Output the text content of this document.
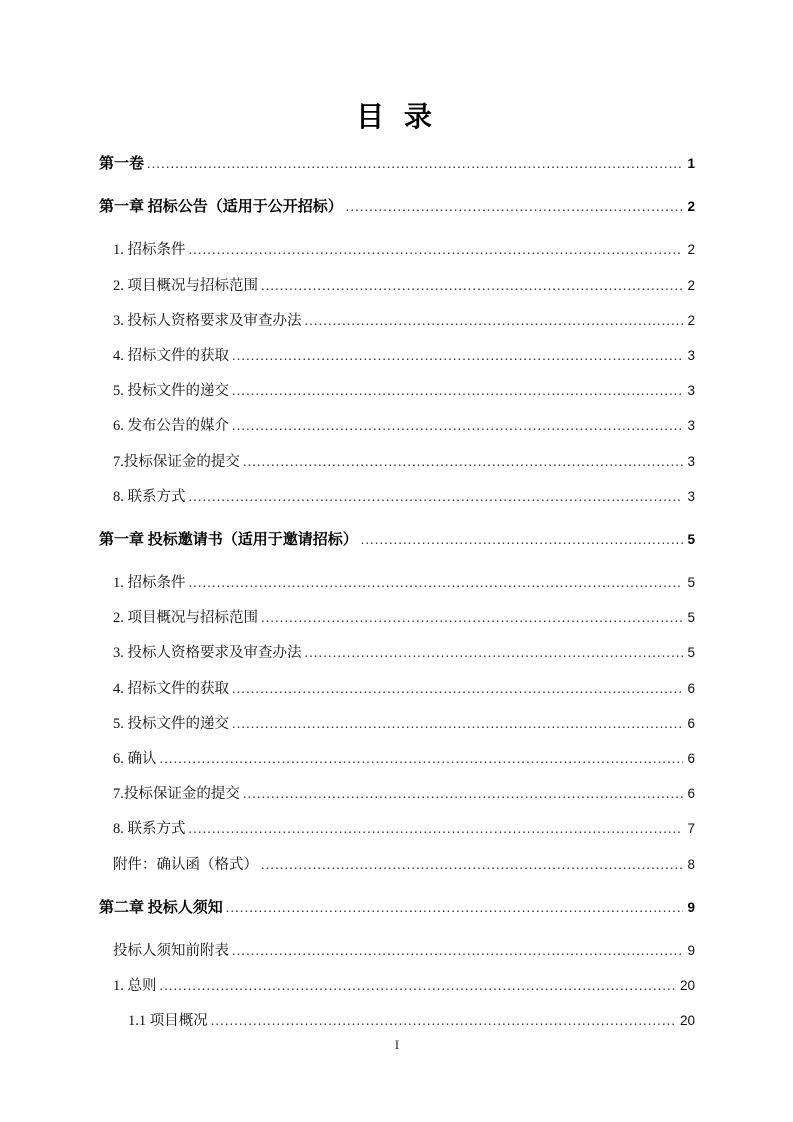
目 录
第一卷 .....	1
第一章 招标公告（适用于公开招标） .....	2
1. 招标条件 .....	2
2. 项目概况与招标范围 .....	2
3. 投标人资格要求及审查办法 .....	2
4. 招标文件的获取 .....	3
5. 投标文件的递交 .....	3
6. 发布公告的媒介 .....	3
7.投标保证金的提交 .....	3
8. 联系方式 .....	3
第一章 投标邀请书（适用于邀请招标） .....	5
1. 招标条件 .....	5
2. 项目概况与招标范围 .....	5
3. 投标人资格要求及审查办法 .....	5
4. 招标文件的获取 .....	6
5. 投标文件的递交 .....	6
6. 确认 .....	6
7.投标保证金的提交 .....	6
8. 联系方式 .....	7
附件：确认函（格式） .....	8
第二章 投标人须知 .....	9
投标人须知前附表 .....	9
1. 总则 .....	20
1.1 项目概况 .....	20
I
